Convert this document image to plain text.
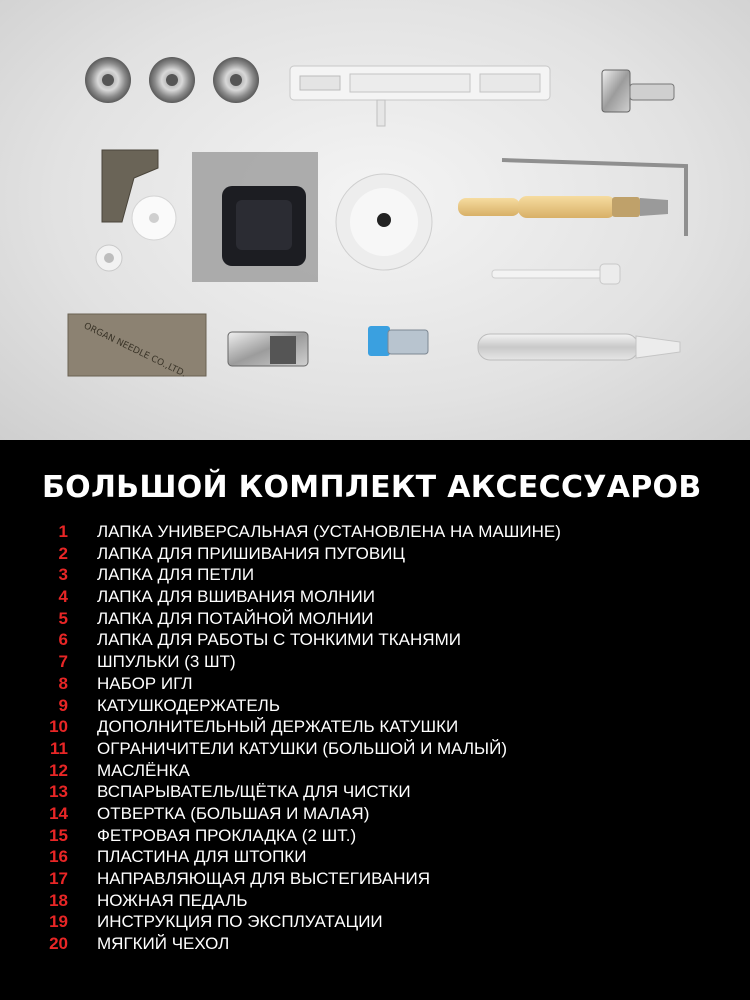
ORGAN NEEDLE CO.,LTD.
БОЛЬШОЙ КОМПЛЕКТ АКСЕССУАРОВ
1 ЛАПКА УНИВЕРСАЛЬНАЯ (УСТАНОВЛЕНА НА МАШИНЕ)
2 ЛАПКА ДЛЯ ПРИШИВАНИЯ ПУГОВИЦ
3 ЛАПКА ДЛЯ ПЕТЛИ
4 ЛАПКА ДЛЯ ВШИВАНИЯ МОЛНИИ
5 ЛАПКА ДЛЯ ПОТАЙНОЙ МОЛНИИ
6 ЛАПКА ДЛЯ РАБОТЫ С ТОНКИМИ ТКАНЯМИ
7 ШПУЛЬКИ (3 ШТ)
8 НАБОР ИГЛ
9 КАТУШКОДЕРЖАТЕЛЬ
10 ДОПОЛНИТЕЛЬНЫЙ ДЕРЖАТЕЛЬ КАТУШКИ
11 ОГРАНИЧИТЕЛИ КАТУШКИ (БОЛЬШОЙ И МАЛЫЙ)
12 МАСЛЁНКА
13 ВСПАРЫВАТЕЛЬ/ЩЁТКА ДЛЯ ЧИСТКИ
14 ОТВЕРТКА (БОЛЬШАЯ И МАЛАЯ)
15 ФЕТРОВАЯ ПРОКЛАДКА (2 ШТ.)
16 ПЛАСТИНА ДЛЯ ШТОПКИ
17 НАПРАВЛЯЮЩАЯ ДЛЯ ВЫСТЕГИВАНИЯ
18 НОЖНАЯ ПЕДАЛЬ
19 ИНСТРУКЦИЯ ПО ЭКСПЛУАТАЦИИ
20 МЯГКИЙ ЧЕХОЛ
